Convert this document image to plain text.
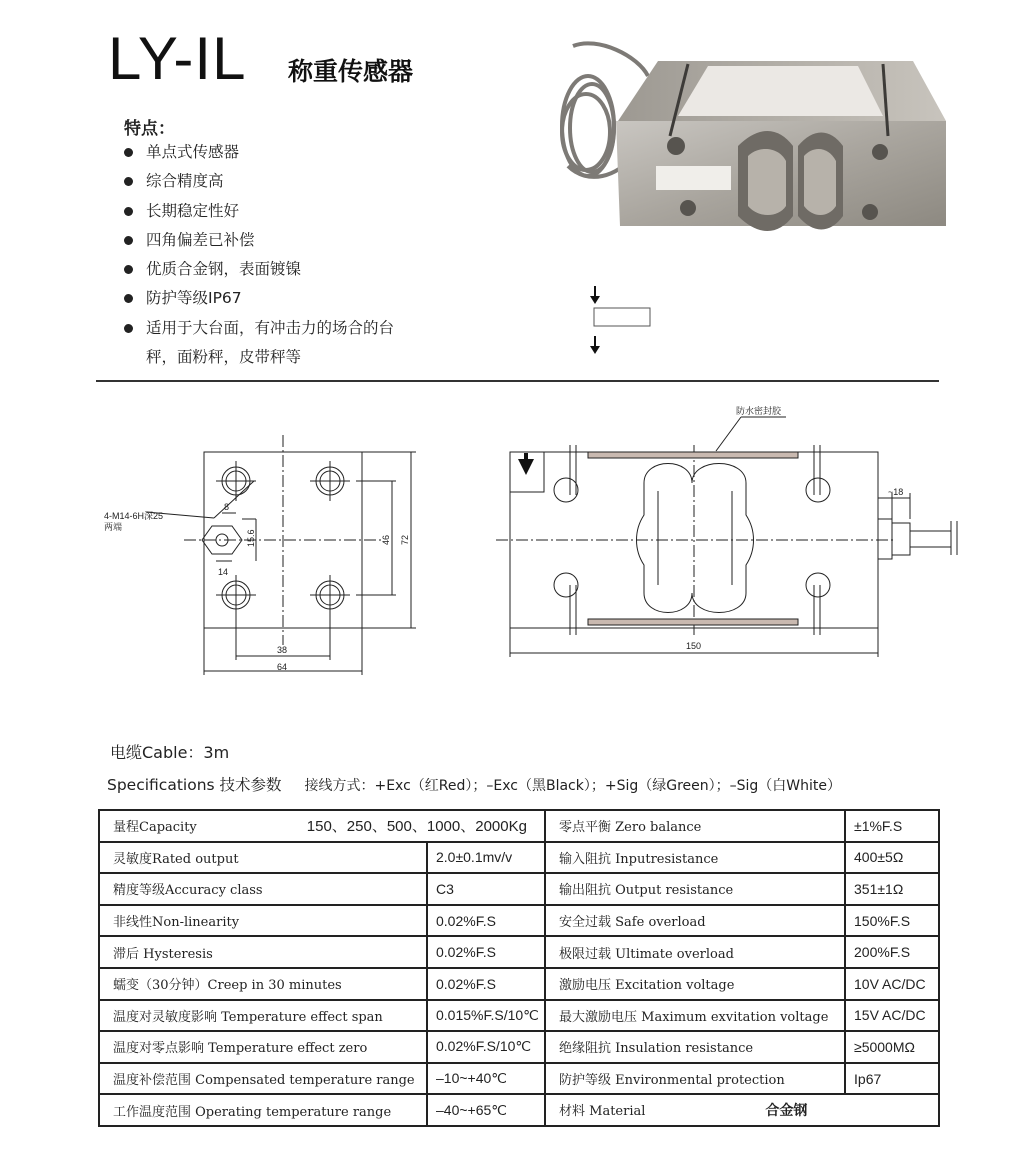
LY-IL 称重传感器
特点：
单点式传感器
综合精度高
长期稳定性好
四角偏差已补偿
优质合金钢，表面镀镍
防护等级IP67
适用于大台面，有冲击力的场合的台
秤，面粉秤，皮带秤等
4-M14-6H深25
两端
8
15.6
14
46 72
38
64
150
防水密封胶
~18
电缆Cable：3m
Specifications 技术参数 接线方式：+Exc（红Red）；–Exc（黑Black）；+Sig（绿Green）；–Sig（白White）
量程Capacity 150、250、500、1000、2000Kg		零点平衡 Zero balance	±1%F.S
灵敏度Rated output	2.0±0.1mv/v	输入阻抗 Inputresistance	400±5Ω
精度等级Accuracy class	C3	输出阻抗 Output resistance	351±1Ω
非线性Non-linearity	0.02%F.S	安全过载 Safe overload	150%F.S
滞后 Hysteresis	0.02%F.S	极限过载 Ultimate overload	200%F.S
蠕变（30分钟）Creep in 30 minutes	0.02%F.S	激励电压 Excitation voltage	10V AC/DC
温度对灵敏度影响 Temperature effect span	0.015%F.S/10℃	最大激励电压 Maximum exvitation voltage	15V AC/DC
温度对零点影响 Temperature effect zero	0.02%F.S/10℃	绝缘阻抗 Insulation resistance	≥5000MΩ
温度补偿范围 Compensated temperature range	–10~+40℃	防护等级 Environmental protection	Ip67
工作温度范围 Operating temperature range	–40~+65℃	材料 Material 合金钢	
